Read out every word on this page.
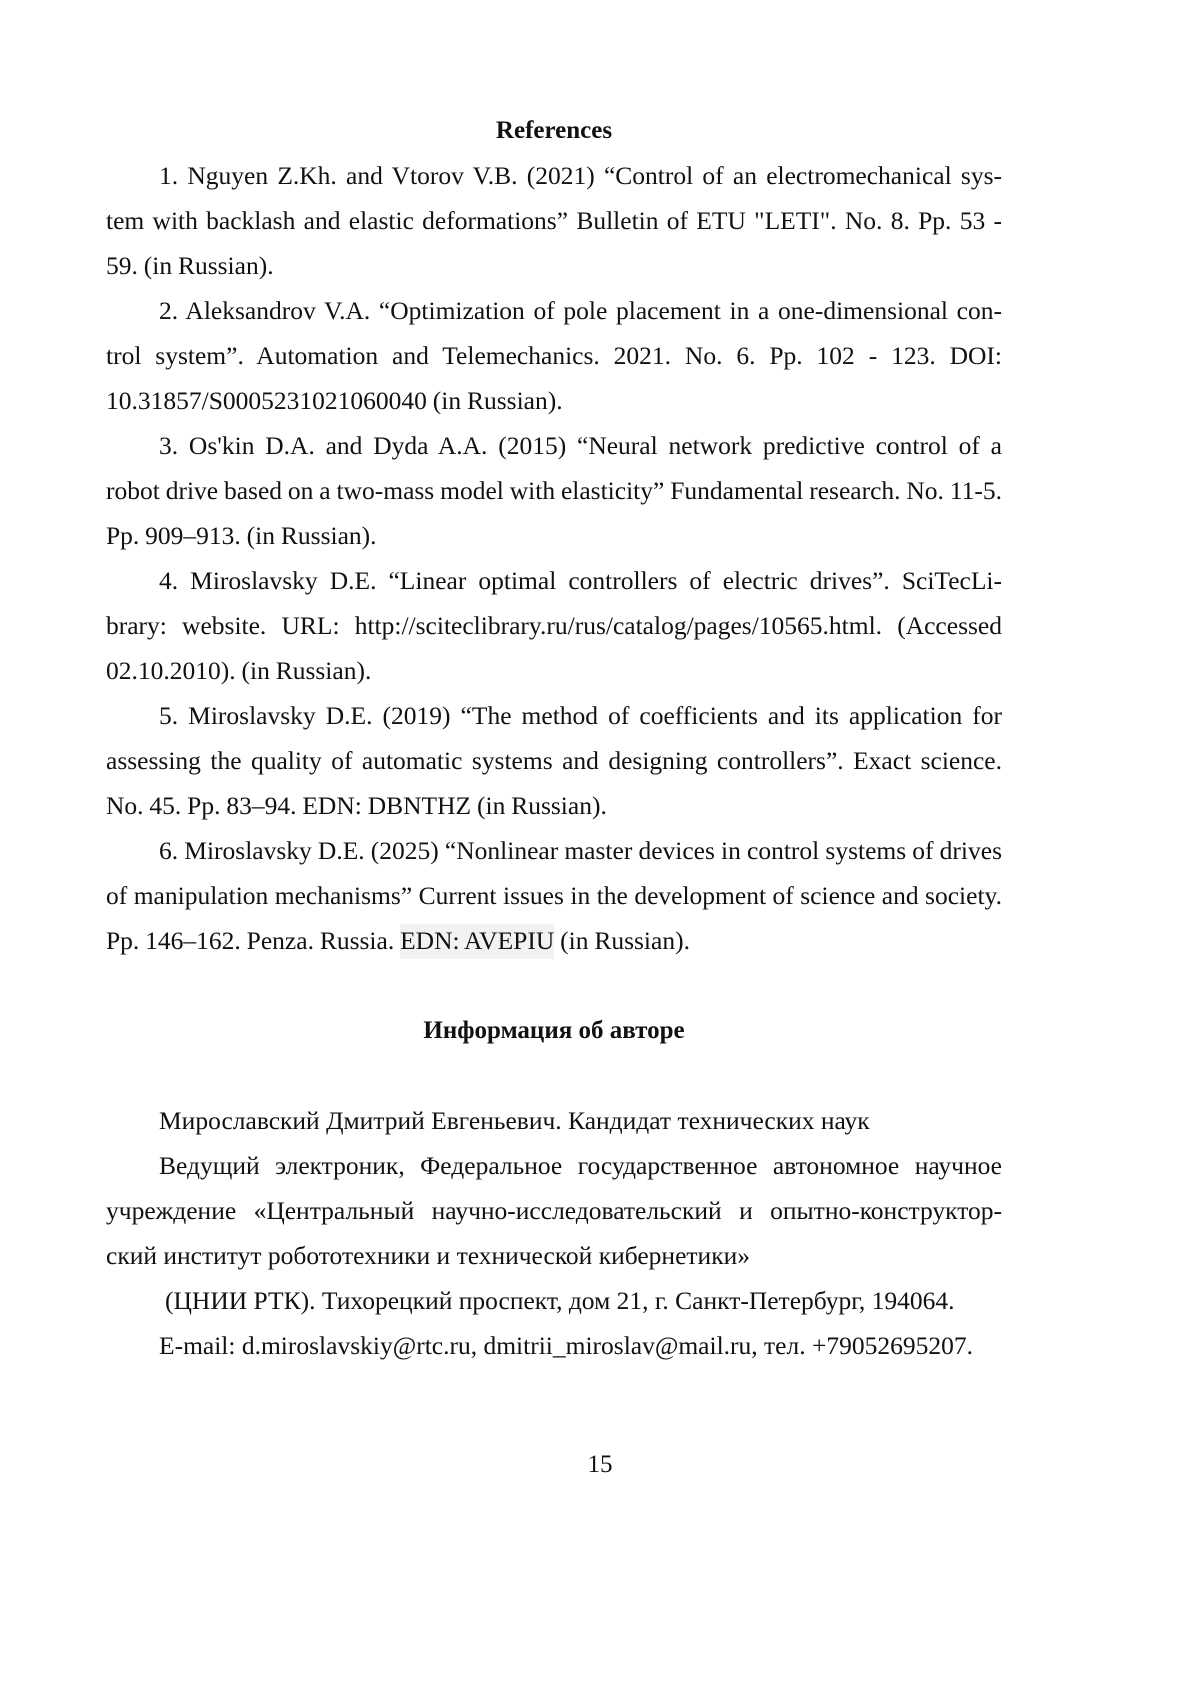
References

1. Nguyen Z.Kh. and Vtorov V.B. (2021) “Control of an electromechanical sys-tem with backlash and elastic deformations” Bulletin of ETU "LETI". No. 8. Pp. 53 - 59. (in Russian).

2. Aleksandrov V.A. “Optimization of pole placement in a one-dimensional con-trol system”. Automation and Telemechanics. 2021. No. 6. Pp. 102 - 123. DOI: 10.31857/S0005231021060040 (in Russian).

3. Os'kin D.A. and Dyda A.A. (2015) “Neural network predictive control of a robot drive based on a two-mass model with elasticity” Fundamental research. No. 11-5. Pp. 909–913. (in Russian).

4. Miroslavsky D.E. “Linear optimal controllers of electric drives”. SciTecLi-brary: website. URL: http://sciteclibrary.ru/rus/catalog/pages/10565.html. (Accessed 02.10.2010). (in Russian).

5. Miroslavsky D.E. (2019) “The method of coefficients and its application for assessing the quality of automatic systems and designing controllers”. Exact science. No. 45. Pp. 83–94. EDN: DBNTHZ (in Russian).

6. Miroslavsky D.E. (2025) “Nonlinear master devices in control systems of drives of manipulation mechanisms” Current issues in the development of science and society. Pp. 146–162. Penza. Russia. EDN: AVEPIU (in Russian).

Информация об авторе

Мирославский Дмитрий Евгеньевич. Кандидат технических наук

Ведущий электроник, Федеральное государственное автономное научное учреждение «Центральный научно-исследовательский и опытно-конструктор-ский институт робототехники и технической кибернетики»

(ЦНИИ РТК). Тихорецкий проспект, дом 21, г. Санкт-Петербург, 194064.

E-mail: d.miroslavskiy@rtc.ru, dmitrii_miroslav@mail.ru, тел. +79052695207.

15
